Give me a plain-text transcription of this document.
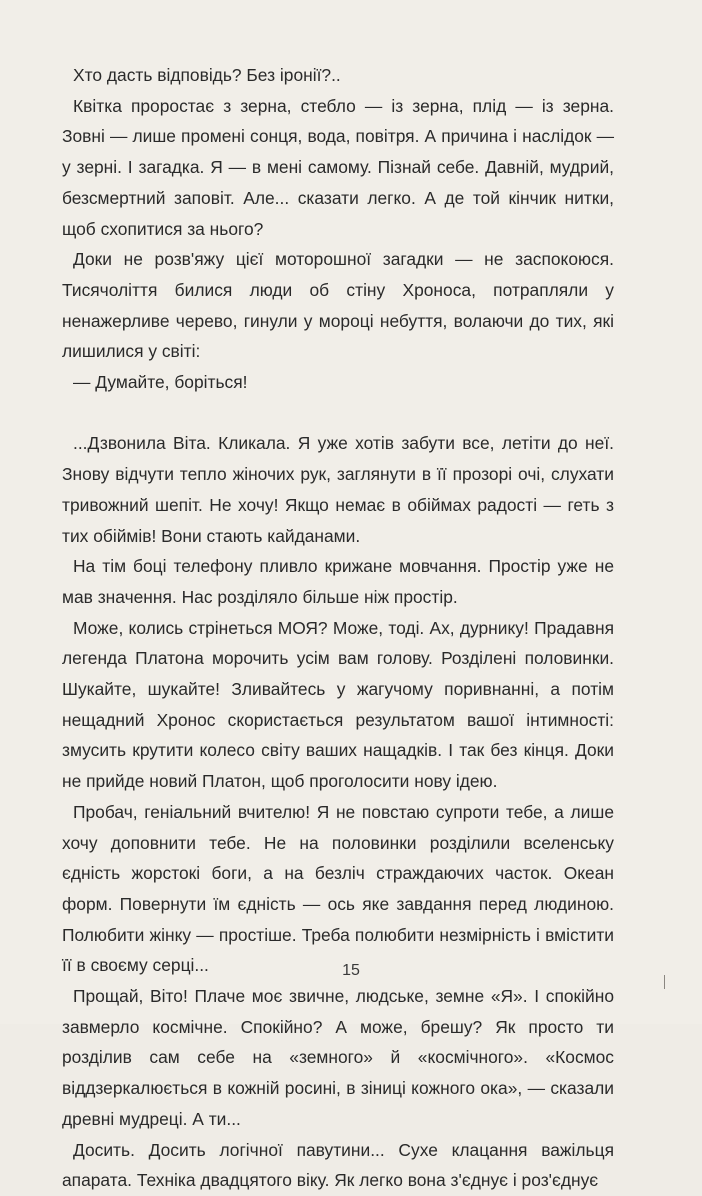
Хто дасть відповідь? Без іронії?..

Квітка проростає з зерна, стебло — із зерна, плід — із зерна. Зовні — лише промені сонця, вода, повітря. А причина і наслідок — у зерні. І загадка. Я — в мені самому. Пізнай себе. Давній, мудрий, безсмертний заповіт. Але... сказати легко. А де той кінчик нитки, щоб схопитися за нього?

Доки не розв'яжу цієї моторошної загадки — не заспокоюся. Тисячоліття билися люди об стіну Хроноса, потрапляли у ненажерливе черево, гинули у мороці небуття, волаючи до тих, які лишилися у світі:

— Думайте, боріться!

...Дзвонила Віта. Кликала. Я уже хотів забути все, летіти до неї. Знову відчути тепло жіночих рук, заглянути в її прозорі очі, слухати тривожний шепіт. Не хочу! Якщо немає в обіймах радості — геть з тих обіймів! Вони стають кайданами.

На тім боці телефону пливло крижане мовчання. Простір уже не мав значення. Нас розділяло більше ніж простір.

Може, колись стрінеться МОЯ? Може, тоді. Ах, дурнику! Прадавня легенда Платона морочить усім вам голову. Розділені половинки. Шукайте, шукайте! Зливайтесь у жагучому поривнанні, а потім нещадний Хронос скористається результатом вашої інтимності: змусить крутити колесо світу ваших нащадків. І так без кінця. Доки не прийде новий Платон, щоб проголосити нову ідею.

Пробач, геніальний вчителю! Я не повстаю супроти тебе, а лише хочу доповнити тебе. Не на половинки розділили вселенську єдність жорстокі боги, а на безліч страждаючих часток. Океан форм. Повернути їм єдність — ось яке завдання перед людиною. Полюбити жінку — простіше. Треба полюбити незмірність і вмістити її в своєму серці...

Прощай, Віто! Плаче моє звичне, людське, земне «Я». І спокійно завмерло космічне. Спокійно? А може, брешу? Як просто ти розділив сам себе на «земного» й «космічного». «Космос віддзеркалюється в кожній росині, в зіниці кожного ока», — сказали древні мудреці. А ти...

Досить. Досить логічної павутини... Сухе клацання важільця апарата. Техніка двадцятого віку. Як легко вона з'єднує і роз'єднує

15
